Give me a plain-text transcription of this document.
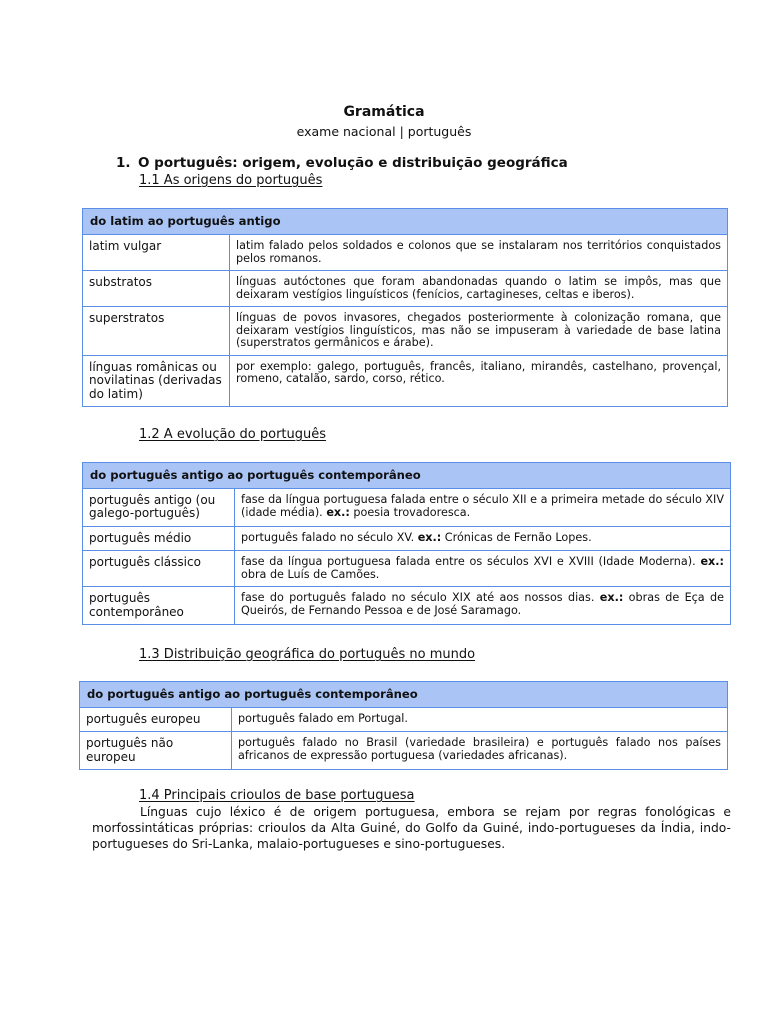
Gramática
exame nacional | português
1. O português: origem, evolução e distribuição geográfica
1.1 As origens do português
do latim ao português antigo	
latim vulgar	latim falado pelos soldados e colonos que se instalaram nos territórios conquistados pelos romanos.
substratos	línguas autóctones que foram abandonadas quando o latim se impôs, mas que deixaram vestígios linguísticos (fenícios, cartagineses, celtas e iberos).
superstratos	línguas de povos invasores, chegados posteriormente à colonização romana, que deixaram vestígios linguísticos, mas não se impuseram à variedade de base latina (superstratos germânicos e árabe).
línguas românicas ou novilatinas (derivadas do latim)	por exemplo: galego, português, francês, italiano, mirandês, castelhano, provençal, romeno, catalão, sardo, corso, rético.
1.2 A evolução do português
do português antigo ao português contemporâneo	
português antigo (ou galego-português)	fase da língua portuguesa falada entre o século XII e a primeira metade do século XIV (idade média). ex.: poesia trovadoresca.
português médio	português falado no século XV. ex.: Crónicas de Fernão Lopes.
português clássico	fase da língua portuguesa falada entre os séculos XVI e XVIII (Idade Moderna). ex.: obra de Luís de Camões.
português contemporâneo	fase do português falado no século XIX até aos nossos dias. ex.: obras de Eça de Queirós, de Fernando Pessoa e de José Saramago.
1.3 Distribuição geográfica do português no mundo
do português antigo ao português contemporâneo	
português europeu	português falado em Portugal.
português não europeu	português falado no Brasil (variedade brasileira) e português falado nos países africanos de expressão portuguesa (variedades africanas).
1.4 Principais crioulos de base portuguesa
Línguas cujo léxico é de origem portuguesa, embora se rejam por regras fonológicas e morfossintáticas próprias: crioulos da Alta Guiné, do Golfo da Guiné, indo-portugueses da Índia, indo-portugueses do Sri-Lanka, malaio-portugueses e sino-portugueses.
